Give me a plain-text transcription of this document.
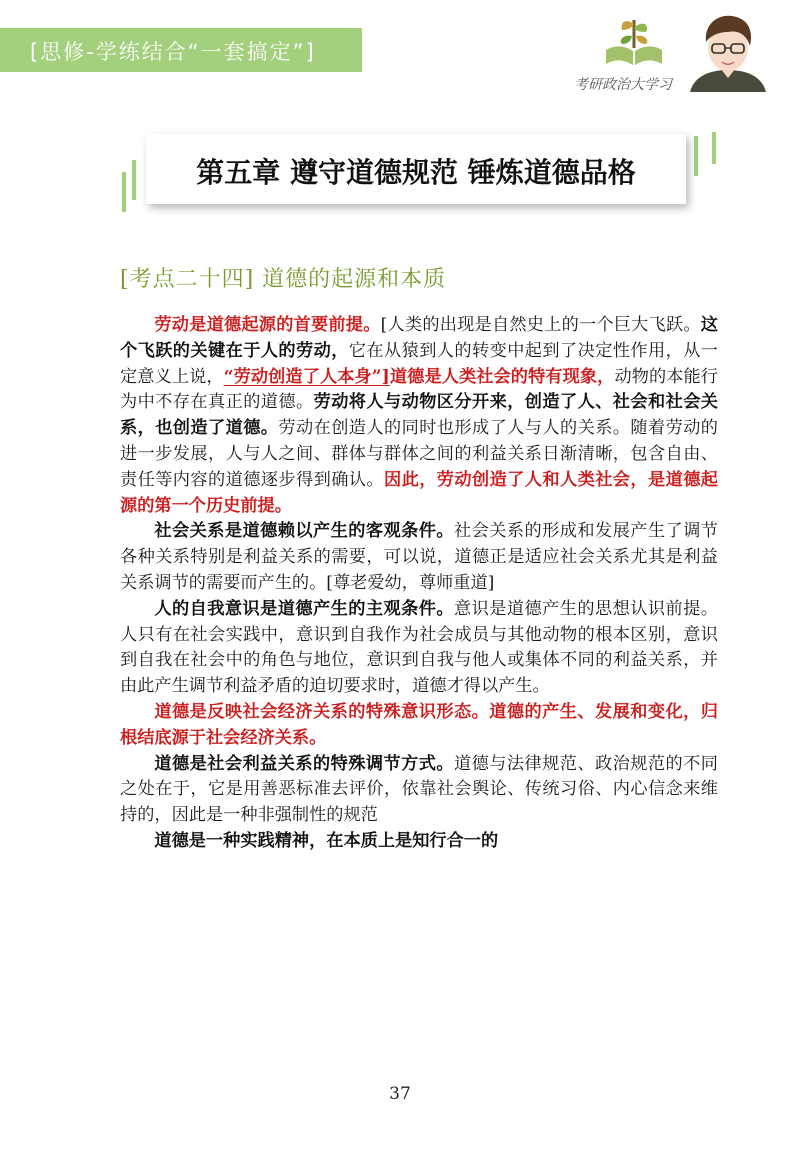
[思修-学练结合“一套搞定”]
考研政治大学习
第五章 遵守道德规范 锤炼道德品格
[考点二十四] 道德的起源和本质

劳动是道德起源的首要前提。[人类的出现是自然史上的一个巨大飞跃。这个飞跃的关键在于人的劳动，它在从猿到人的转变中起到了决定性作用，从一定意义上说，“劳动创造了人本身”]道德是人类社会的特有现象，动物的本能行为中不存在真正的道德。劳动将人与动物区分开来，创造了人、社会和社会关系，也创造了道德。劳动在创造人的同时也形成了人与人的关系。随着劳动的进一步发展，人与人之间、群体与群体之间的利益关系日渐清晰，包含自由、责任等内容的道德逐步得到确认。因此，劳动创造了人和人类社会，是道德起源的第一个历史前提。

社会关系是道德赖以产生的客观条件。社会关系的形成和发展产生了调节各种关系特别是利益关系的需要，可以说，道德正是适应社会关系尤其是利益关系调节的需要而产生的。[尊老爱幼，尊师重道]

人的自我意识是道德产生的主观条件。意识是道德产生的思想认识前提。人只有在社会实践中，意识到自我作为社会成员与其他动物的根本区别，意识到自我在社会中的角色与地位，意识到自我与他人或集体不同的利益关系，并由此产生调节利益矛盾的迫切要求时，道德才得以产生。

道德是反映社会经济关系的特殊意识形态。道德的产生、发展和变化，归根结底源于社会经济关系。

道德是社会利益关系的特殊调节方式。道德与法律规范、政治规范的不同之处在于，它是用善恶标准去评价，依靠社会舆论、传统习俗、内心信念来维持的，因此是一种非强制性的规范

道德是一种实践精神，在本质上是知行合一的

37
